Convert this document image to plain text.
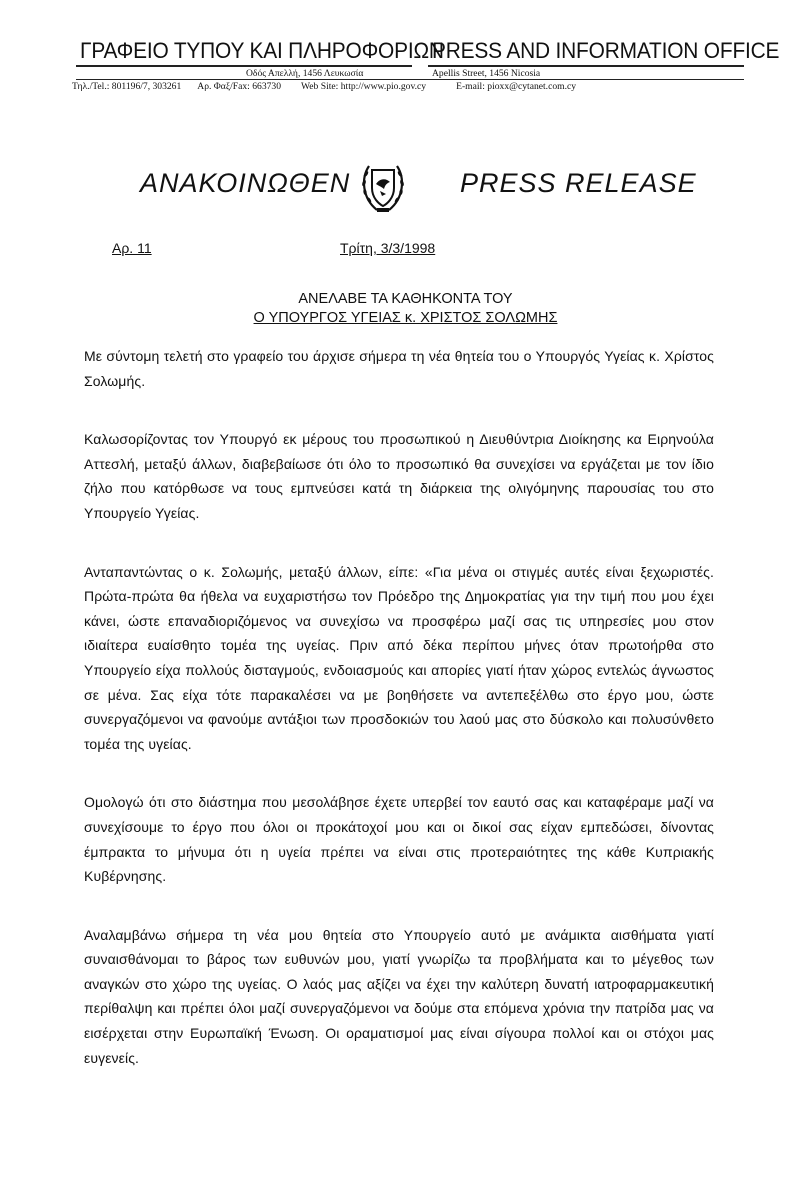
ΓΡΑΦΕΙΟ ΤΥΠΟΥ ΚΑΙ ΠΛΗΡΟΦΟΡΙΩΝ
PRESS AND INFORMATION OFFICE
Οδός Απελλή, 1456 Λευκωσία	Apellis Street, 1456 Nicosia
Τηλ./Tel.: 801196/7, 303261 Αρ. Φαξ/Fax: 663730 Web Site: http://www.pio.gov.cy	E-mail: pioxx@cytanet.com.cy
ΑΝΑΚΟΙΝΩΘΕΝ	PRESS RELEASE
Αρ. 11	Τρίτη, 3/3/1998
ΑΝΕΛΑΒΕ ΤΑ ΚΑΘΗΚΟΝΤΑ ΤΟΥ
Ο ΥΠΟΥΡΓΟΣ ΥΓΕΙΑΣ κ. ΧΡΙΣΤΟΣ ΣΟΛΩΜΗΣ

Με σύντομη τελετή στο γραφείο του άρχισε σήμερα τη νέα θητεία του ο Υπουργός Υγείας κ. Χρίστος Σολωμής.

Καλωσορίζοντας τον Υπουργό εκ μέρους του προσωπικού η Διευθύντρια Διοίκησης κα Ειρηνούλα Αττεσλή, μεταξύ άλλων, διαβεβαίωσε ότι όλο το προσωπικό θα συνεχίσει να εργάζεται με τον ίδιο ζήλο που κατόρθωσε να τους εμπνεύσει κατά τη διάρκεια της ολιγόμηνης παρουσίας του στο Υπουργείο Υγείας.

Ανταπαντώντας ο κ. Σολωμής, μεταξύ άλλων, είπε: «Για μένα οι στιγμές αυτές είναι ξεχωριστές. Πρώτα-πρώτα θα ήθελα να ευχαριστήσω τον Πρόεδρο της Δημοκρατίας για την τιμή που μου έχει κάνει, ώστε επαναδιοριζόμενος να συνεχίσω να προσφέρω μαζί σας τις υπηρεσίες μου στον ιδιαίτερα ευαίσθητο τομέα της υγείας. Πριν από δέκα περίπου μήνες όταν πρωτοήρθα στο Υπουργείο είχα πολλούς δισταγμούς, ενδοιασμούς και απορίες γιατί ήταν χώρος εντελώς άγνωστος σε μένα. Σας είχα τότε παρακαλέσει να με βοηθήσετε να αντεπεξέλθω στο έργο μου, ώστε συνεργαζόμενοι να φανούμε αντάξιοι των προσδοκιών του λαού μας στο δύσκολο και πολυσύνθετο τομέα της υγείας.

Ομολογώ ότι στο διάστημα που μεσολάβησε έχετε υπερβεί τον εαυτό σας και καταφέραμε μαζί να συνεχίσουμε το έργο που όλοι οι προκάτοχοί μου και οι δικοί σας είχαν εμπεδώσει, δίνοντας έμπρακτα το μήνυμα ότι η υγεία πρέπει να είναι στις προτεραιότητες της κάθε Κυπριακής Κυβέρνησης.

Αναλαμβάνω σήμερα τη νέα μου θητεία στο Υπουργείο αυτό με ανάμικτα αισθήματα γιατί συναισθάνομαι το βάρος των ευθυνών μου, γιατί γνωρίζω τα προβλήματα και το μέγεθος των αναγκών στο χώρο της υγείας. Ο λαός μας αξίζει να έχει την καλύτερη δυνατή ιατροφαρμακευτική περίθαλψη και πρέπει όλοι μαζί συνεργαζόμενοι να δούμε στα επόμενα χρόνια την πατρίδα μας να εισέρχεται στην Ευρωπαϊκή Ένωση. Οι οραματισμοί μας είναι σίγουρα πολλοί και οι στόχοι μας ευγενείς.
